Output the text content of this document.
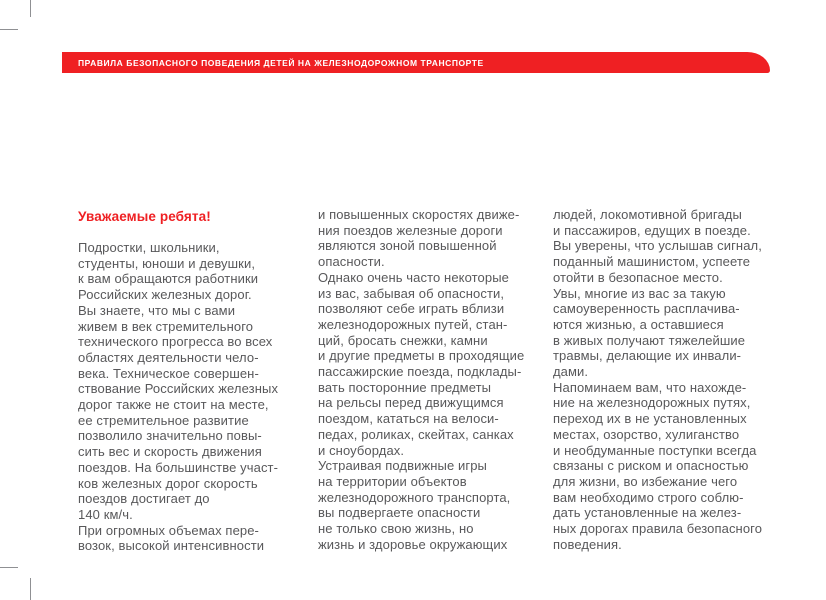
ПРАВИЛА БЕЗОПАСНОГО ПОВЕДЕНИЯ ДЕТЕЙ НА ЖЕЛЕЗНОДОРОЖНОМ ТРАНСПОРТЕ
Уважаемые ребята!
Подростки, школьники,
студенты, юноши и девушки,
к вам обращаются работники
Российских железных дорог.
Вы знаете, что мы с вами
живем в век стремительного
технического прогресса во всех
областях деятельности чело-
века. Техническое совершен-
ствование Российских железных
дорог также не стоит на месте,
ее стремительное развитие
позволило значительно повы-
сить вес и скорость движения
поездов. На большинстве участ-
ков железных дорог скорость
поездов достигает до
140 км/ч.
При огромных объемах пере-
возок, высокой интенсивности
и повышенных скоростях движе-
ния поездов железные дороги
являются зоной повышенной
опасности.
Однако очень часто некоторые
из вас, забывая об опасности,
позволяют себе играть вблизи
железнодорожных путей, стан-
ций, бросать снежки, камни
и другие предметы в проходящие
пассажирские поезда, подклады-
вать посторонние предметы
на рельсы перед движущимся
поездом, кататься на велоси-
педах, роликах, скейтах, санках
и сноубордах.
Устраивая подвижные игры
на территории объектов
железнодорожного транспорта,
вы подвергаете опасности
не только свою жизнь, но
жизнь и здоровье окружающих
людей, локомотивной бригады
и пассажиров, едущих в поезде.
Вы уверены, что услышав сигнал,
поданный машинистом, успеете
отойти в безопасное место.
Увы, многие из вас за такую
самоуверенность расплачива-
ются жизнью, а оставшиеся
в живых получают тяжелейшие
травмы, делающие их инвали-
дами.
Напоминаем вам, что нахожде-
ние на железнодорожных путях,
переход их в не установленных
местах, озорство, хулиганство
и необдуманные поступки всегда
связаны с риском и опасностью
для жизни, во избежание чего
вам необходимо строго соблю-
дать установленные на желез-
ных дорогах правила безопасного
поведения.
